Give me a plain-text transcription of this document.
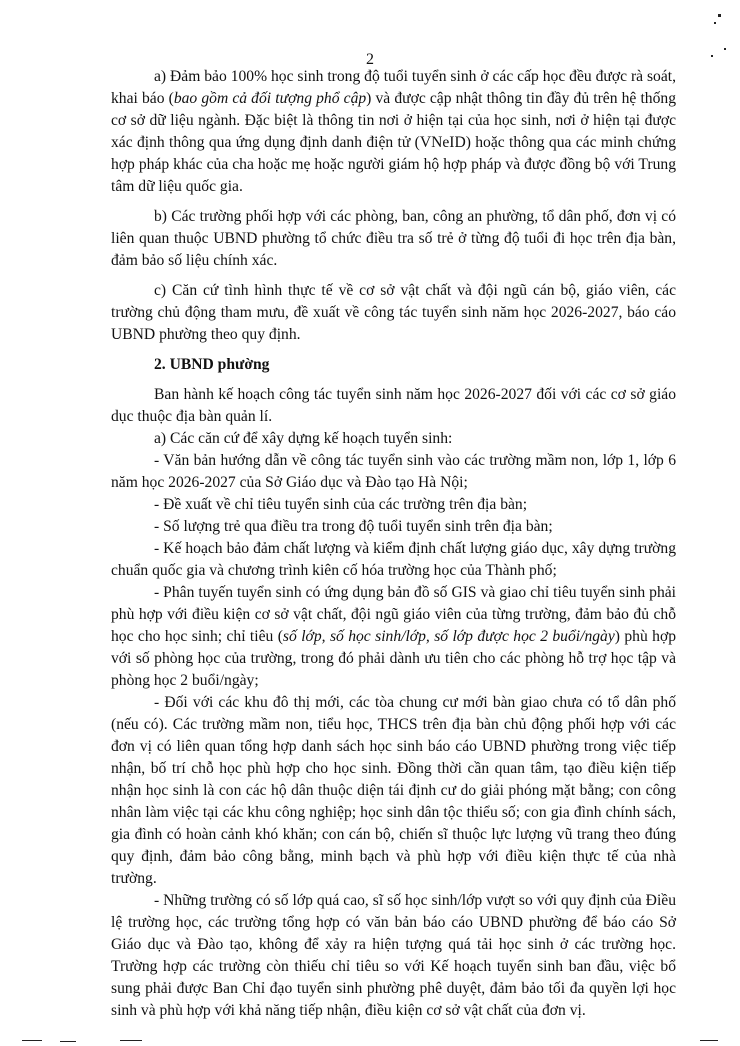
2

a) Đảm bảo 100% học sinh trong độ tuổi tuyển sinh ở các cấp học đều được rà soát, khai báo (bao gồm cả đối tượng phổ cập) và được cập nhật thông tin đầy đủ trên hệ thống cơ sở dữ liệu ngành. Đặc biệt là thông tin nơi ở hiện tại của học sinh, nơi ở hiện tại được xác định thông qua ứng dụng định danh điện tử (VNeID) hoặc thông qua các minh chứng hợp pháp khác của cha hoặc mẹ hoặc người giám hộ hợp pháp và được đồng bộ với Trung tâm dữ liệu quốc gia.

b) Các trường phối hợp với các phòng, ban, công an phường, tổ dân phố, đơn vị có liên quan thuộc UBND phường tổ chức điều tra số trẻ ở từng độ tuổi đi học trên địa bàn, đảm bảo số liệu chính xác.

c) Căn cứ tình hình thực tế về cơ sở vật chất và đội ngũ cán bộ, giáo viên, các trường chủ động tham mưu, đề xuất về công tác tuyển sinh năm học 2026-2027, báo cáo UBND phường theo quy định.

2. UBND phường

Ban hành kế hoạch công tác tuyển sinh năm học 2026-2027 đối với các cơ sở giáo dục thuộc địa bàn quản lí.

a) Các căn cứ để xây dựng kế hoạch tuyển sinh:

- Văn bản hướng dẫn về công tác tuyển sinh vào các trường mầm non, lớp 1, lớp 6 năm học 2026-2027 của Sở Giáo dục và Đào tạo Hà Nội;

- Đề xuất về chỉ tiêu tuyển sinh của các trường trên địa bàn;

- Số lượng trẻ qua điều tra trong độ tuổi tuyển sinh trên địa bàn;

- Kế hoạch bảo đảm chất lượng và kiểm định chất lượng giáo dục, xây dựng trường chuẩn quốc gia và chương trình kiên cố hóa trường học của Thành phố;

- Phân tuyến tuyển sinh có ứng dụng bản đồ số GIS và giao chỉ tiêu tuyển sinh phải phù hợp với điều kiện cơ sở vật chất, đội ngũ giáo viên của từng trường, đảm bảo đủ chỗ học cho học sinh; chỉ tiêu (số lớp, số học sinh/lớp, số lớp được học 2 buổi/ngày) phù hợp với số phòng học của trường, trong đó phải dành ưu tiên cho các phòng hỗ trợ học tập và phòng học 2 buổi/ngày;

- Đối với các khu đô thị mới, các tòa chung cư mới bàn giao chưa có tổ dân phố (nếu có). Các trường mầm non, tiểu học, THCS trên địa bàn chủ động phối hợp với các đơn vị có liên quan tổng hợp danh sách học sinh báo cáo UBND phường trong việc tiếp nhận, bố trí chỗ học phù hợp cho học sinh. Đồng thời cần quan tâm, tạo điều kiện tiếp nhận học sinh là con các hộ dân thuộc diện tái định cư do giải phóng mặt bằng; con công nhân làm việc tại các khu công nghiệp; học sinh dân tộc thiểu số; con gia đình chính sách, gia đình có hoàn cảnh khó khăn; con cán bộ, chiến sĩ thuộc lực lượng vũ trang theo đúng quy định, đảm bảo công bằng, minh bạch và phù hợp với điều kiện thực tế của nhà trường.

- Những trường có số lớp quá cao, sĩ số học sinh/lớp vượt so với quy định của Điều lệ trường học, các trường tổng hợp có văn bản báo cáo UBND phường để báo cáo Sở Giáo dục và Đào tạo, không để xảy ra hiện tượng quá tải học sinh ở các trường học. Trường hợp các trường còn thiếu chỉ tiêu so với Kế hoạch tuyển sinh ban đầu, việc bổ sung phải được Ban Chỉ đạo tuyển sinh phường phê duyệt, đảm bảo tối đa quyền lợi học sinh và phù hợp với khả năng tiếp nhận, điều kiện cơ sở vật chất của đơn vị.
